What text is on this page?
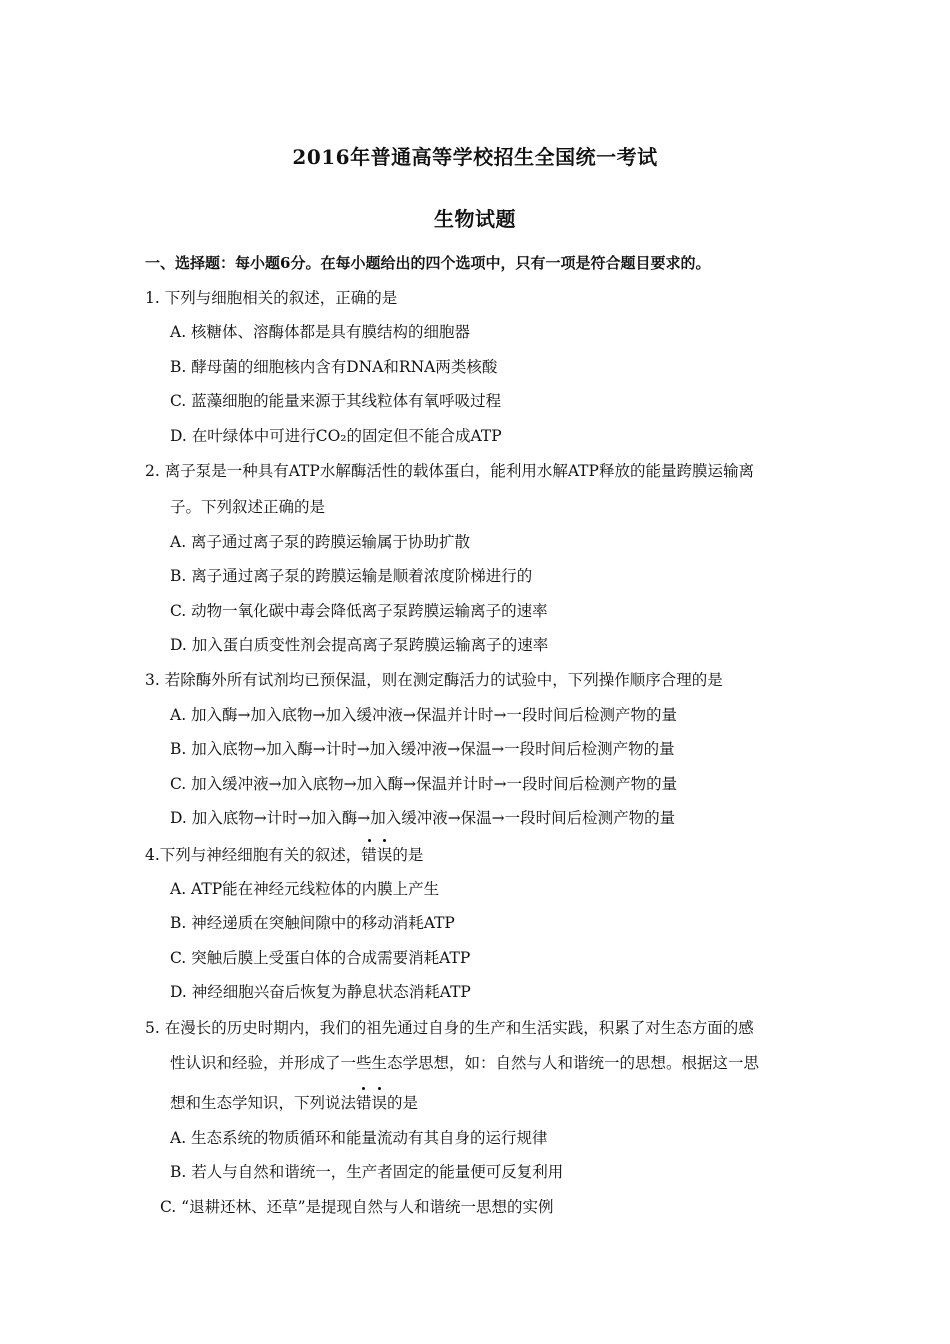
2016年普通高等学校招生全国统一考试
生物试题
一、选择题：每小题6分。在每小题给出的四个选项中，只有一项是符合题目要求的。
1. 下列与细胞相关的叙述，正确的是
A. 核糖体、溶酶体都是具有膜结构的细胞器
B. 酵母菌的细胞核内含有DNA和RNA两类核酸
C. 蓝藻细胞的能量来源于其线粒体有氧呼吸过程
D. 在叶绿体中可进行CO₂的固定但不能合成ATP
2. 离子泵是一种具有ATP水解酶活性的载体蛋白，能利用水解ATP释放的能量跨膜运输离
子。下列叙述正确的是
A. 离子通过离子泵的跨膜运输属于协助扩散
B. 离子通过离子泵的跨膜运输是顺着浓度阶梯进行的
C. 动物一氧化碳中毒会降低离子泵跨膜运输离子的速率
D. 加入蛋白质变性剂会提高离子泵跨膜运输离子的速率
3. 若除酶外所有试剂均已预保温，则在测定酶活力的试验中，下列操作顺序合理的是
A. 加入酶→加入底物→加入缓冲液→保温并计时→一段时间后检测产物的量
B. 加入底物→加入酶→计时→加入缓冲液→保温→一段时间后检测产物的量
C. 加入缓冲液→加入底物→加入酶→保温并计时→一段时间后检测产物的量
D. 加入底物→计时→加入酶→加入缓冲液→保温→一段时间后检测产物的量
4.下列与神经细胞有关的叙述，错误的是
A. ATP能在神经元线粒体的内膜上产生
B. 神经递质在突触间隙中的移动消耗ATP
C. 突触后膜上受蛋白体的合成需要消耗ATP
D. 神经细胞兴奋后恢复为静息状态消耗ATP
5. 在漫长的历史时期内，我们的祖先通过自身的生产和生活实践，积累了对生态方面的感
性认识和经验，并形成了一些生态学思想，如：自然与人和谐统一的思想。根据这一思
想和生态学知识，下列说法错误的是
A. 生态系统的物质循环和能量流动有其自身的运行规律
B. 若人与自然和谐统一，生产者固定的能量便可反复利用
C. “退耕还林、还草”是提现自然与人和谐统一思想的实例
